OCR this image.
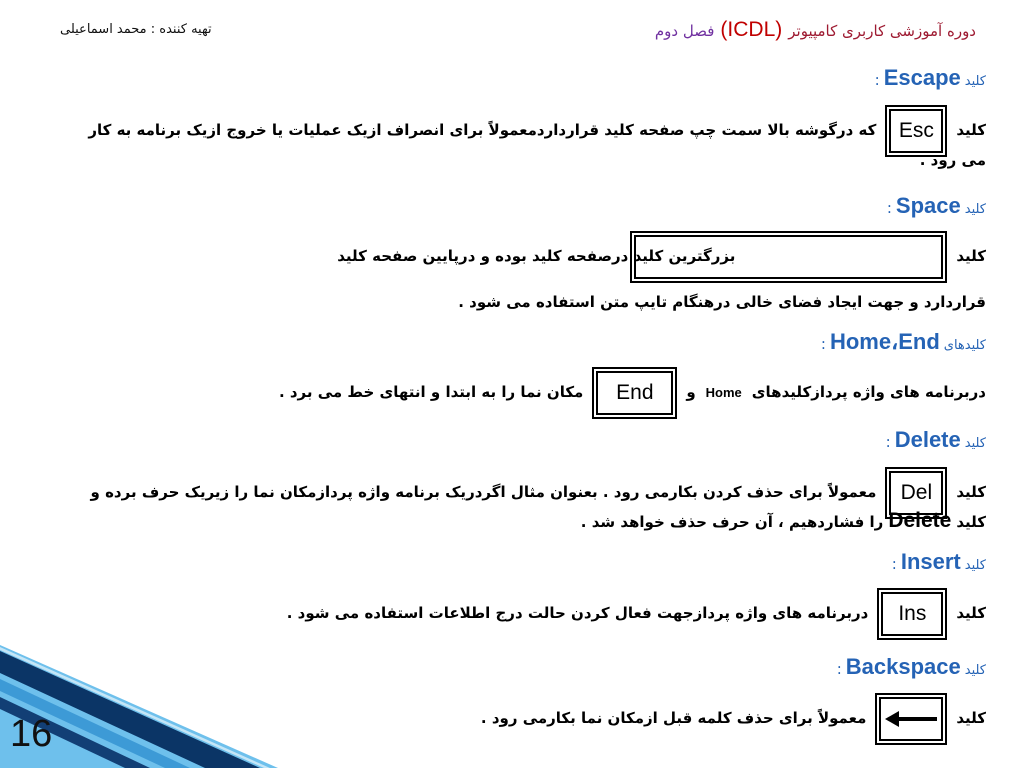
دوره آموزشی کاربری کامپیوتر(ICDL)فصل دوم
تهیه کننده : محمد اسماعیلی
کلیدEscape:
کلیدEscکه درگوشه بالا سمت چپ صفحه کلید قراردارد‌معمولاً برای انصراف ازیک عملیات یا خروج ازیک برنامه به کار
می رود .
کلیدSpace:
کلیدبزرگترین کلید درصفحه کلید بوده و درپایین صفحه کلید
قراردارد و جهت ایجاد فضای خالی درهنگام تایپ متن استفاده می شود .
کلیدهایHome،End:
دربرنامه های واژه پردازکلیدهایHomeوEndمکان نما را به ابتدا و انتهای خط می برد .
کلیدDelete:
کلیدDelمعمولاً برای حذف کردن بکارمی رود . بعنوان مثال اگردریک برنامه واژه پردازمکان نما را زیریک حرف برده و
کلیدDeleteرا فشاردهیم ، آن حرف حذف خواهد شد .
کلیدInsert:
کلیدInsدربرنامه های واژه پردازجهت فعال کردن حالت درج اطلاعات استفاده می شود .
کلیدBackspace:
کلید
معمولاً برای حذف کلمه قبل ازمکان نما بکارمی رود .
16
